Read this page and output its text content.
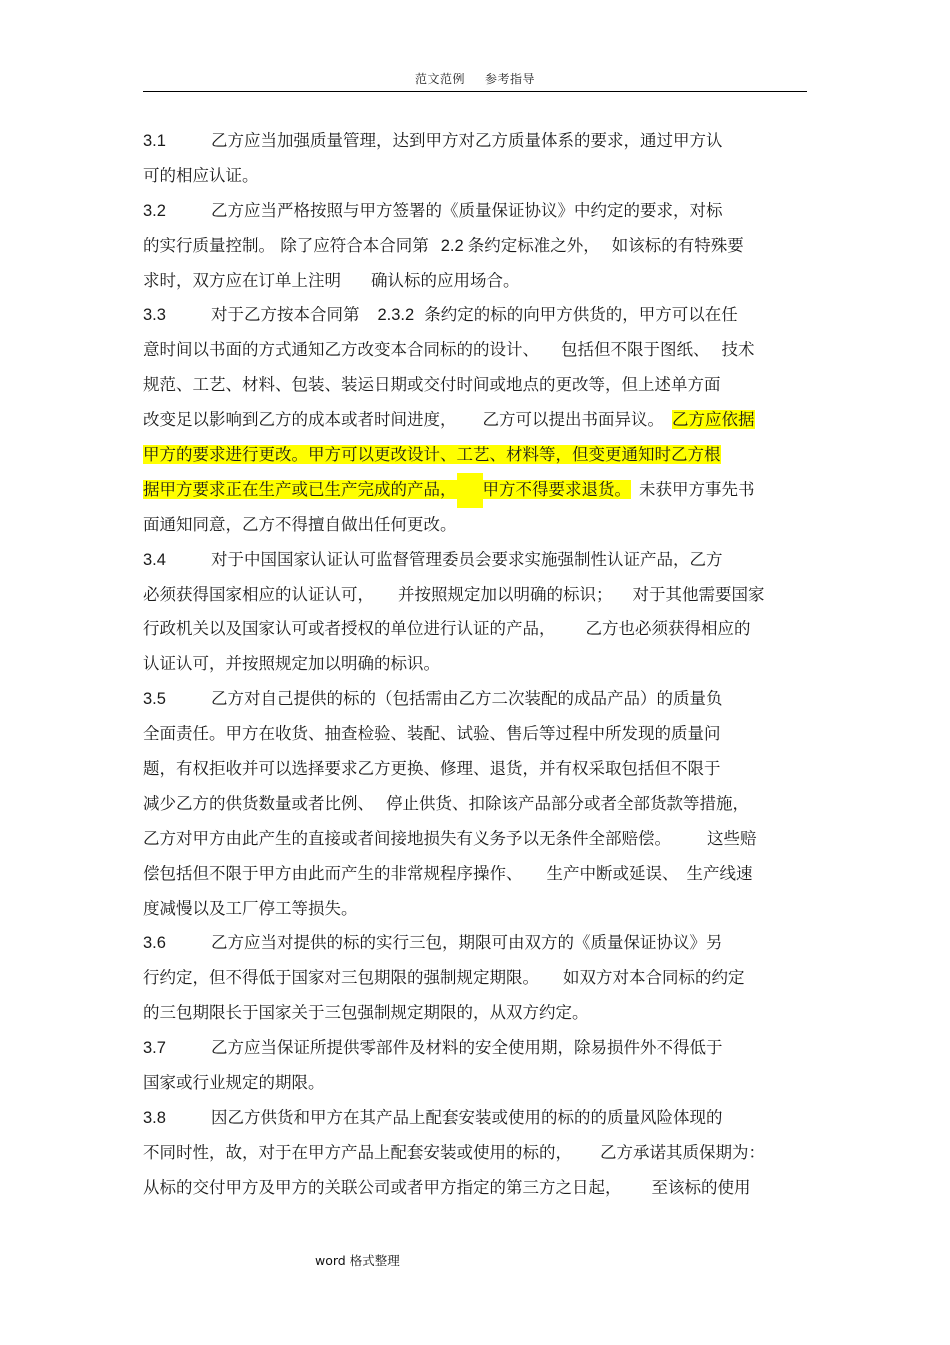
范文范例 参考指导
3.1	乙方应当加强质量管理，达到甲方对乙方质量体系的要求，通过甲方认
可的相应认证。
3.2	乙方应当严格按照与甲方签署的《质量保证协议》中约定的要求，对标
的实行质量控制。 除了应符合本合同第 2.2 条约定标准之外， 如该标的有特殊要
求时，双方应在订单上注明 确认标的应用场合。
3.3	对于乙方按本合同第 2.3.2 条约定的标的向甲方供货的，甲方可以在任
意时间以书面的方式通知乙方改变本合同标的的设计、 包括但不限于图纸、 技术
规范、工艺、材料、包装、装运日期或交付时间或地点的更改等，但上述单方面
改变足以影响到乙方的成本或者时间进度， 乙方可以提出书面异议。 乙方应依据
甲方的要求进行更改。甲方可以更改设计、工艺、材料等，但变更通知时乙方根
据甲方要求正在生产或已生产完成的产品， 甲方不得要求退货。 未获甲方事先书
面通知同意，乙方不得擅自做出任何更改。
3.4	对于中国国家认证认可监督管理委员会要求实施强制性认证产品，乙方
必须获得国家相应的认证认可， 并按照规定加以明确的标识； 对于其他需要国家
行政机关以及国家认可或者授权的单位进行认证的产品， 乙方也必须获得相应的
认证认可，并按照规定加以明确的标识。
3.5	乙方对自己提供的标的（包括需由乙方二次装配的成品产品）的质量负
全面责任。甲方在收货、抽查检验、装配、试验、售后等过程中所发现的质量问
题，有权拒收并可以选择要求乙方更换、修理、退货，并有权采取包括但不限于
减少乙方的供货数量或者比例、 停止供货、扣除该产品部分或者全部货款等措施，
乙方对甲方由此产生的直接或者间接地损失有义务予以无条件全部赔偿。 这些赔
偿包括但不限于甲方由此而产生的非常规程序操作、 生产中断或延误、 生产线速
度减慢以及工厂停工等损失。
3.6	乙方应当对提供的标的实行三包，期限可由双方的《质量保证协议》另
行约定，但不得低于国家对三包期限的强制规定期限。 如双方对本合同标的约定
的三包期限长于国家关于三包强制规定期限的，从双方约定。
3.7	乙方应当保证所提供零部件及材料的安全使用期，除易损件外不得低于
国家或行业规定的期限。
3.8	因乙方供货和甲方在其产品上配套安装或使用的标的的质量风险体现的
不同时性，故，对于在甲方产品上配套安装或使用的标的， 乙方承诺其质保期为：
从标的交付甲方及甲方的关联公司或者甲方指定的第三方之日起， 至该标的使用
word 格式整理
